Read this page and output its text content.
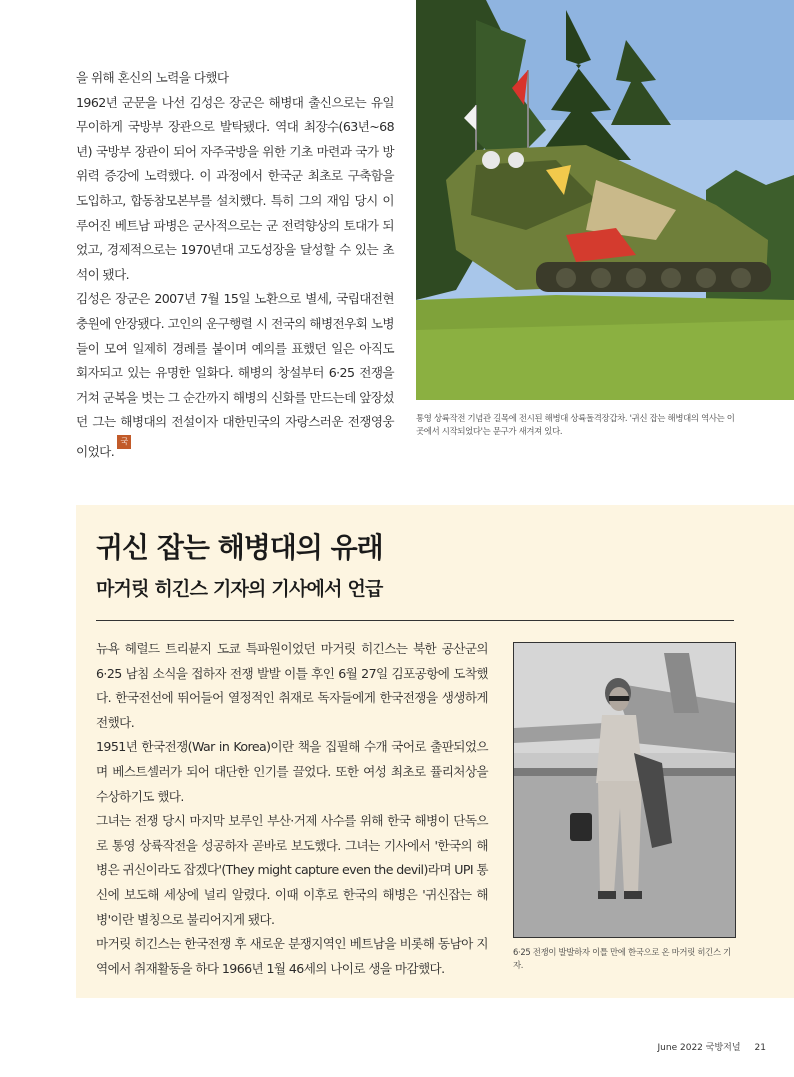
을 위해 혼신의 노력을 다했다

1962년 군문을 나선 김성은 장군은 해병대 출신으로는 유일무이하게 국방부 장관으로 발탁됐다. 역대 최장수(63년~68년) 국방부 장관이 되어 자주국방을 위한 기초 마련과 국가 방위력 증강에 노력했다. 이 과정에서 한국군 최초로 구축함을 도입하고, 합동참모본부를 설치했다. 특히 그의 재임 당시 이루어진 베트남 파병은 군사적으로는 군 전력향상의 토대가 되었고, 경제적으로는 1970년대 고도성장을 달성할 수 있는 초석이 됐다.

김성은 장군은 2007년 7월 15일 노환으로 별세, 국립대전현충원에 안장됐다. 고인의 운구행렬 시 전국의 해병전우회 노병들이 모여 일제히 경례를 붙이며 예의를 표했던 일은 아직도 회자되고 있는 유명한 일화다. 해병의 창설부터 6·25 전쟁을 거쳐 군복을 벗는 그 순간까지 해병의 신화를 만드는데 앞장섰던 그는 해병대의 전설이자 대한민국의 자랑스러운 전쟁영웅이었다.국방

통영 상륙작전 기념관 길목에 전시된 해병대 상륙돌격장갑차. '귀신 잡는 해병대의 역사는 이곳에서 시작되었다'는 문구가 새겨져 있다.
귀신 잡는 해병대의 유래
마거릿 히긴스 기자의 기사에서 언급

뉴욕 헤럴드 트리뷴지 도쿄 특파원이었던 마거릿 히긴스는 북한 공산군의 6·25 남침 소식을 접하자 전쟁 발발 이틀 후인 6월 27일 김포공항에 도착했다. 한국전선에 뛰어들어 열정적인 취재로 독자들에게 한국전쟁을 생생하게 전했다.

1951년 한국전쟁(War in Korea)이란 책을 집필해 수개 국어로 출판되었으며 베스트셀러가 되어 대단한 인기를 끌었다. 또한 여성 최초로 퓰리처상을 수상하기도 했다.

그녀는 전쟁 당시 마지막 보루인 부산·거제 사수를 위해 한국 해병이 단독으로 통영 상륙작전을 성공하자 곧바로 보도했다. 그녀는 기사에서 '한국의 해병은 귀신이라도 잡겠다'(They might capture even the devil)라며 UPI 통신에 보도해 세상에 널리 알렸다. 이때 이후로 한국의 해병은 '귀신잡는 해병'이란 별칭으로 불리어지게 됐다.

마거릿 히긴스는 한국전쟁 후 새로운 분쟁지역인 베트남을 비롯해 동남아 지역에서 취재활동을 하다 1966년 1월 46세의 나이로 생을 마감했다.

6·25 전쟁이 발발하자 이틀 만에 한국으로 온 마거릿 히긴스 기자.
June 2022 국방저널 21
